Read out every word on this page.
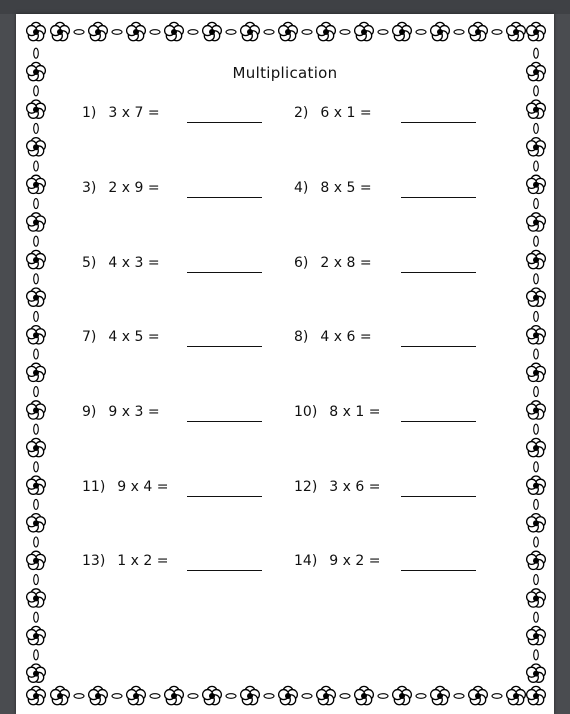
Multiplication
1) 3 x 7 =	2) 6 x 1 =
3) 2 x 9 =	4) 8 x 5 =
5) 4 x 3 =	6) 2 x 8 =
7) 4 x 5 =	8) 4 x 6 =
9) 9 x 3 =	10) 8 x 1 =
11) 9 x 4 =	12) 3 x 6 =
13) 1 x 2 =	14) 9 x 2 =
